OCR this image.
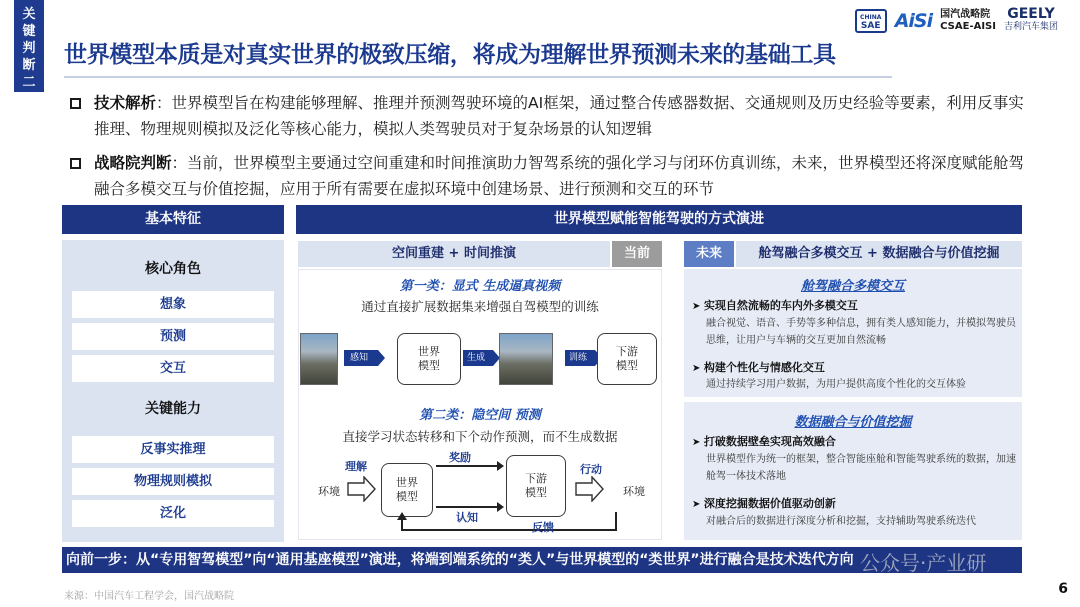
关
键
判
断
二
CHINA
SAE AiSi 国汽战略院
CSAE-AISI
GEELY
吉利汽车集团
世界模型本质是对真实世界的极致压缩，将成为理解世界预测未来的基础工具
技术解析：世界模型旨在构建能够理解、推理并预测驾驶环境的AI框架，通过整合传感器数据、交通规则及历史经验等要素，利用反事实推理、物理规则模拟及泛化等核心能力，模拟人类驾驶员对于复杂场景的认知逻辑
战略院判断：当前，世界模型主要通过空间重建和时间推演助力智驾系统的强化学习与闭环仿真训练，未来，世界模型还将深度赋能舱驾融合多模交互与价值挖掘，应用于所有需要在虚拟环境中创建场景、进行预测和交互的环节
基本特征	世界模型赋能智能驾驶的方式演进
核心角色
想象
预测
交互
关键能力
反事实推理
物理规则模拟
泛化
空间重建 + 时间推演	当前
第一类：显式 生成逼真视频
通过直接扩展数据集来增强自驾模型的训练
感知	世界
模型
生成	训练	下游
模型
第二类：隐空间 预测
直接学习状态转移和下个动作预测，而不生成数据
理解
环境
世界
模型
奖励
下游
模型
行动
环境
认知
反馈
未来	舱驾融合多模交互 + 数据融合与价值挖掘
舱驾融合多模交互
➤ 实现自然流畅的车内外多模交互
融合视觉、语音、手势等多种信息，拥有类人感知能力，并模拟驾驶员思维，让用户与车辆的交互更加自然流畅
➤ 构建个性化与情感化交互
通过持续学习用户数据，为用户提供高度个性化的交互体验
数据融合与价值挖掘
➤ 打破数据壁垒实现高效融合
世界模型作为统一的框架，整合智能座舱和智能驾驶系统的数据，加速舱驾一体技术落地
➤ 深度挖掘数据价值驱动创新
对融合后的数据进行深度分析和挖掘，支持辅助驾驶系统迭代
向前一步：从“专用智驾模型”向“通用基座模型”演进，将端到端系统的“类人”与世界模型的“类世界”进行融合是技术迭代方向 公众号·产业研
来源：中国汽车工程学会，国汽战略院	6
